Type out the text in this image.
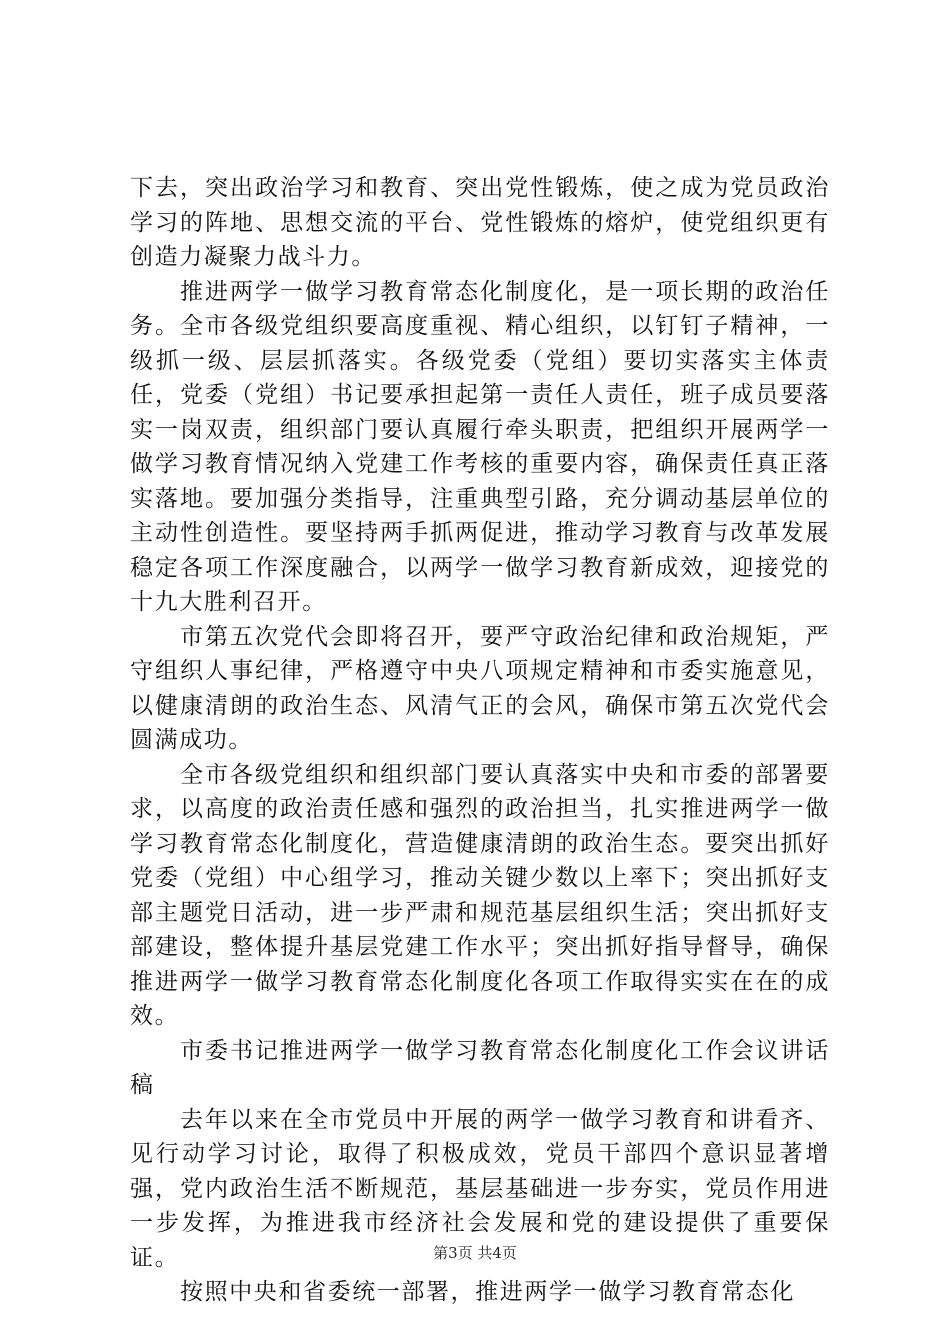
下去，突出政治学习和教育、突出党性锻炼，使之成为党员政治学习的阵地、思想交流的平台、党性锻炼的熔炉，使党组织更有创造力凝聚力战斗力。

推进两学一做学习教育常态化制度化，是一项长期的政治任务。全市各级党组织要高度重视、精心组织，以钉钉子精神，一级抓一级、层层抓落实。各级党委（党组）要切实落实主体责任，党委（党组）书记要承担起第一责任人责任，班子成员要落实一岗双责，组织部门要认真履行牵头职责，把组织开展两学一做学习教育情况纳入党建工作考核的重要内容，确保责任真正落实落地。要加强分类指导，注重典型引路，充分调动基层单位的主动性创造性。要坚持两手抓两促进，推动学习教育与改革发展稳定各项工作深度融合，以两学一做学习教育新成效，迎接党的十九大胜利召开。

市第五次党代会即将召开，要严守政治纪律和政治规矩，严守组织人事纪律，严格遵守中央八项规定精神和市委实施意见，以健康清朗的政治生态、风清气正的会风，确保市第五次党代会圆满成功。

全市各级党组织和组织部门要认真落实中央和市委的部署要求，以高度的政治责任感和强烈的政治担当，扎实推进两学一做学习教育常态化制度化，营造健康清朗的政治生态。要突出抓好党委（党组）中心组学习，推动关键少数以上率下；突出抓好支部主题党日活动，进一步严肃和规范基层组织生活；突出抓好支部建设，整体提升基层党建工作水平；突出抓好指导督导，确保推进两学一做学习教育常态化制度化各项工作取得实实在在的成效。

市委书记推进两学一做学习教育常态化制度化工作会议讲话稿

去年以来在全市党员中开展的两学一做学习教育和讲看齐、见行动学习讨论，取得了积极成效，党员干部四个意识显著增强，党内政治生活不断规范，基层基础进一步夯实，党员作用进一步发挥，为推进我市经济社会发展和党的建设提供了重要保证。

按照中央和省委统一部署，推进两学一做学习教育常态化

第3页 共4页
